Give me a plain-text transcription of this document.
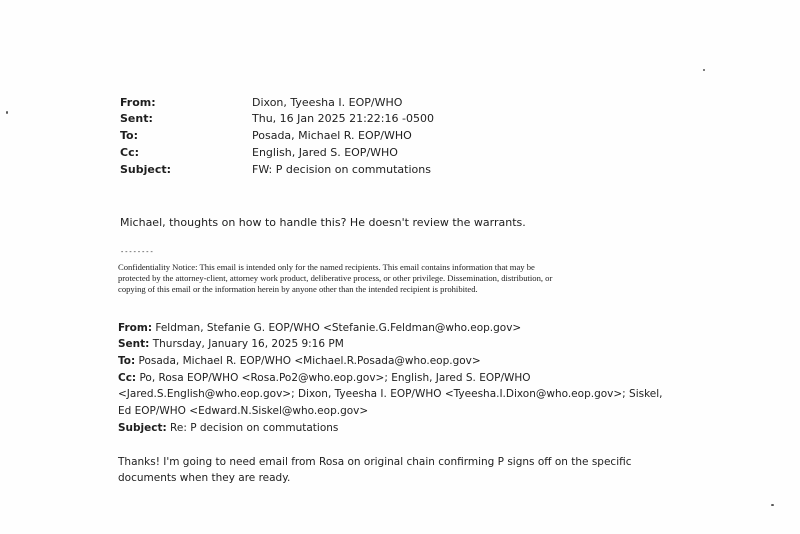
From:	Dixon, Tyeesha I. EOP/WHO
Sent:	Thu, 16 Jan 2025 21:22:16 -0500
To:	Posada, Michael R. EOP/WHO
Cc:	English, Jared S. EOP/WHO
Subject:	FW: P decision on commutations
Michael, thoughts on how to handle this? He doesn't review the warrants.
--------

Confidentiality Notice: This email is intended only for the named recipients. This email contains information that may be

protected by the attorney-client, attorney work product, deliberative process, or other privilege. Dissemination, distribution, or

copying of this email or the information herein by anyone other than the intended recipient is prohibited.

From: Feldman, Stefanie G. EOP/WHO <Stefanie.G.Feldman@who.eop.gov>
Sent: Thursday, January 16, 2025 9:16 PM
To: Posada, Michael R. EOP/WHO <Michael.R.Posada@who.eop.gov>
Cc: Po, Rosa EOP/WHO <Rosa.Po2@who.eop.gov>; English, Jared S. EOP/WHO
<Jared.S.English@who.eop.gov>; Dixon, Tyeesha I. EOP/WHO <Tyeesha.I.Dixon@who.eop.gov>; Siskel,
Ed EOP/WHO <Edward.N.Siskel@who.eop.gov>
Subject: Re: P decision on commutations
Thanks! I'm going to need email from Rosa on original chain confirming P signs off on the specific
documents when they are ready.
